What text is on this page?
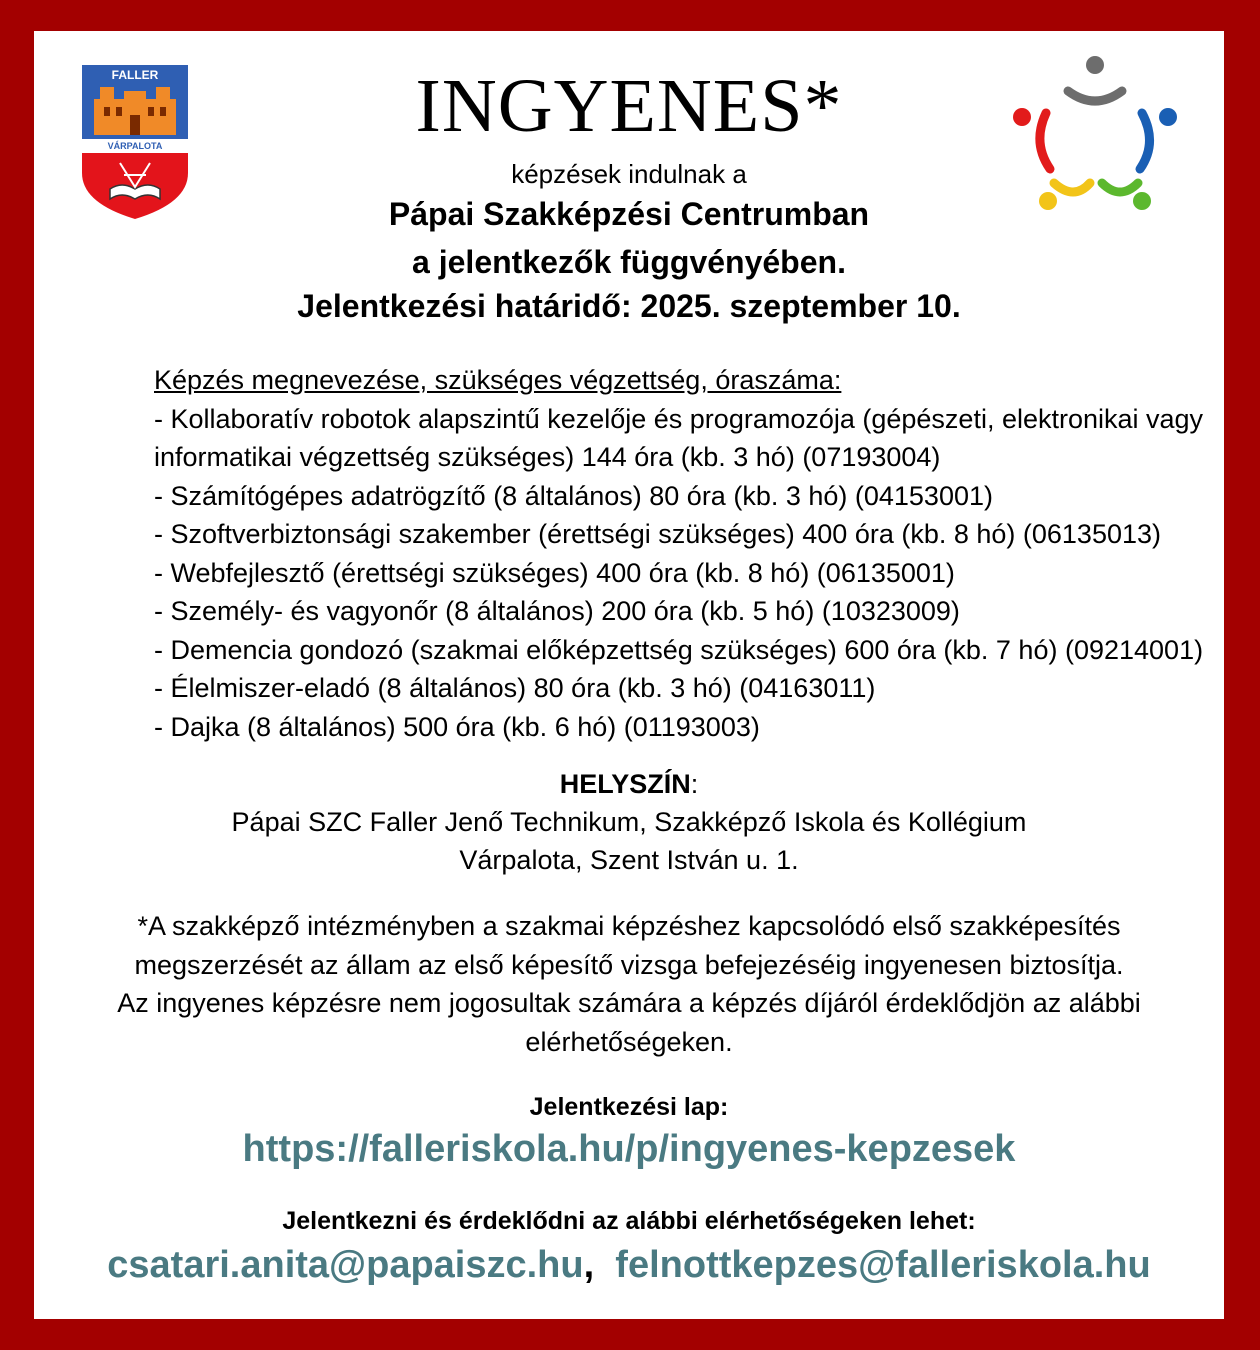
FALLER
VÁRPALOTA	INGYENES*
képzések indulnak a
Pápai Szakképzési Centrumban
a jelentkezők függvényében.
Jelentkezési határidő: 2025. szeptember 10.

Képzés megnevezése, szükséges végzettség, óraszáma:

- Kollaboratív robotok alapszintű kezelője és programozója (gépészeti, elektronikai vagy

informatikai végzettség szükséges) 144 óra (kb. 3 hó) (07193004)

- Számítógépes adatrögzítő (8 általános) 80 óra (kb. 3 hó) (04153001)

- Szoftverbiztonsági szakember (érettségi szükséges) 400 óra (kb. 8 hó) (06135013)

- Webfejlesztő (érettségi szükséges) 400 óra (kb. 8 hó) (06135001)

- Személy- és vagyonőr (8 általános) 200 óra (kb. 5 hó) (10323009)

- Demencia gondozó (szakmai előképzettség szükséges) 600 óra (kb. 7 hó) (09214001)

- Élelmiszer-eladó (8 általános) 80 óra (kb. 3 hó) (04163011)

- Dajka (8 általános) 500 óra (kb. 6 hó) (01193003)

HELYSZÍN:
Pápai SZC Faller Jenő Technikum, Szakképző Iskola és Kollégium
Várpalota, Szent István u. 1.
*A szakképző intézményben a szakmai képzéshez kapcsolódó első szakképesítés
megszerzését az állam az első képesítő vizsga befejezéséig ingyenesen biztosítja.
Az ingyenes képzésre nem jogosultak számára a képzés díjáról érdeklődjön az alábbi
elérhetőségeken.
Jelentkezési lap:
https://falleriskola.hu/p/ingyenes-kepzesek
Jelentkezni és érdeklődni az alábbi elérhetőségeken lehet:
csatari.anita@papaiszc.hu, felnottkepzes@falleriskola.hu
